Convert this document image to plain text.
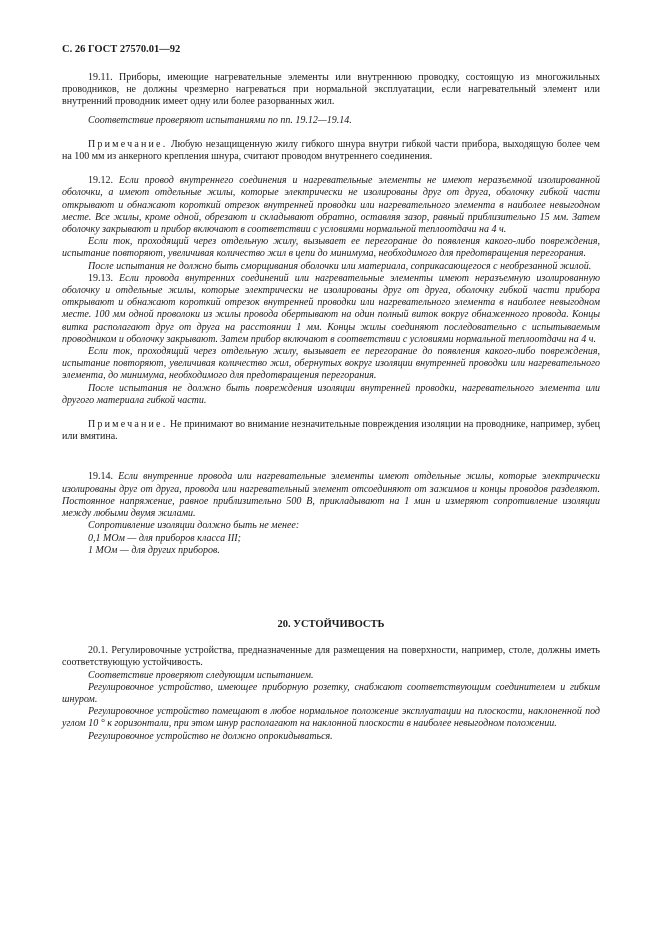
С. 26 ГОСТ 27570.01—92

19.11. Приборы, имеющие нагревательные элементы или внутреннюю проводку, состоящую из многожильных проводников, не должны чрезмерно нагреваться при нормальной эксплуатации, если нагревательный элемент или внутренний проводник имеет одну или более разорванных жил.

Соответствие проверяют испытаниями по пп. 19.12—19.14.

Примечание. Любую незащищенную жилу гибкого шнура внутри гибкой части прибора, выходящую более чем на 100 мм из анкерного крепления шнура, считают проводом внутреннего соединения.

19.12. Если провод внутреннего соединения и нагревательные элементы не имеют неразъемной изолированной оболочки, а имеют отдельные жилы, которые электрически не изолированы друг от друга, оболочку гибкой части открывают и обнажают короткий отрезок внутренней проводки или нагревательного элемента в наиболее невыгодном месте. Все жилы, кроме одной, обрезают и складывают обратно, оставляя зазор, равный приблизительно 15 мм. Затем оболочку закрывают и прибор включают в соответствии с условиями нормальной теплоотдачи на 4 ч.

Если ток, проходящий через отдельную жилу, вызывает ее перегорание до появления какого-либо повреждения, испытание повторяют, увеличивая количество жил в цепи до минимума, необходимого для предотвращения перегорания.

После испытания не должно быть сморщивания оболочки или материала, соприкасающегося с необрезанной жилой.

19.13. Если провода внутренних соединений или нагревательные элементы имеют неразъемную изолированную оболочку и отдельные жилы, которые электрически не изолированы друг от друга, оболочку гибкой части прибора открывают и обнажают короткий отрезок внутренней проводки или нагревательного элемента в наиболее невыгодном месте. 100 мм одной проволоки из жилы провода обертывают на один полный виток вокруг обнаженного провода. Концы витка располагают друг от друга на расстоянии 1 мм. Концы жилы соединяют последовательно с испытываемым проводником и оболочку закрывают. Затем прибор включают в соответствии с условиями нормальной теплоотдачи на 4 ч.

Если ток, проходящий через отдельную жилу, вызывает ее перегорание до появления какого-либо повреждения, испытание повторяют, увеличивая количество жил, обернутых вокруг изоляции внутренней проводки или нагревательного элемента, до минимума, необходимого для предотвращения перегорания.

После испытания не должно быть повреждения изоляции внутренней проводки, нагревательного элемента или другого материала гибкой части.

Примечание. Не принимают во внимание незначительные повреждения изоляции на проводнике, например, зубец или вмятина.

19.14. Если внутренние провода или нагревательные элементы имеют отдельные жилы, которые электрически изолированы друг от друга, провода или нагревательный элемент отсоединяют от зажимов и концы проводов разделяют. Постоянное напряжение, равное приблизительно 500 В, прикладывают на 1 мин и измеряют сопротивление изоляции между любыми двумя жилами.

Сопротивление изоляции должно быть не менее:

0,1 МОм — для приборов класса III;

1 МОм — для других приборов.

20. УСТОЙЧИВОСТЬ

20.1. Регулировочные устройства, предназначенные для размещения на поверхности, например, столе, должны иметь соответствующую устойчивость.

Соответствие проверяют следующим испытанием.

Регулировочное устройство, имеющее приборную розетку, снабжают соответствующим соединителем и гибким шнуром.

Регулировочное устройство помещают в любое нормальное положение эксплуатации на плоскости, наклоненной под углом 10 ° к горизонтали, при этом шнур располагают на наклонной плоскости в наиболее невыгодном положении.

Регулировочное устройство не должно опрокидываться.
